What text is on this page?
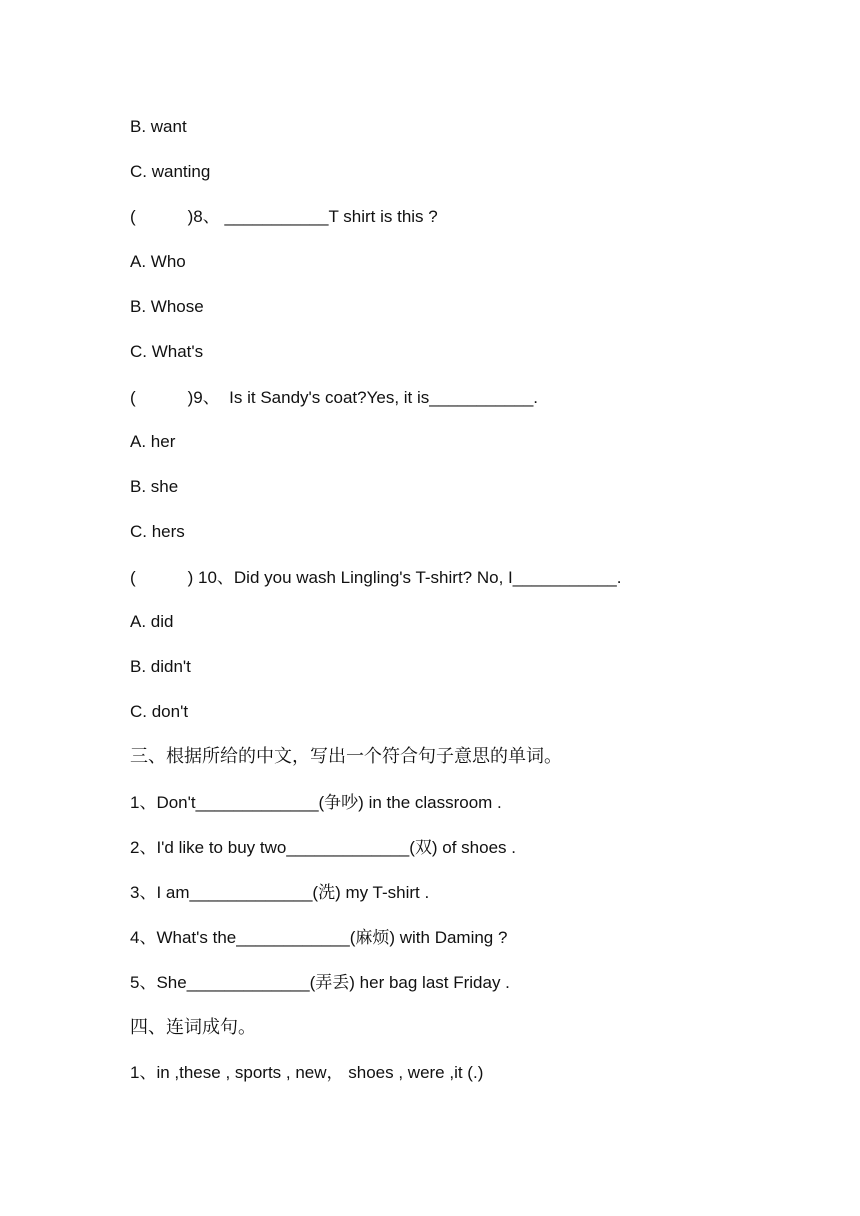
B. want
C. wanting
(           )8、 ___________T shirt is this ?
A. Who
B. Whose
C. What's
(           )9、  Is it Sandy's coat?Yes, it is___________.
A. her
B. she
C. hers
(           ) 10、Did you wash Lingling's T-shirt? No, I___________.
A. did
B. didn't
C. don't
三、根据所给的中文，写出一个符合句子意思的单词。
1、Don't_____________(争吵) in the classroom .
2、I'd like to buy two_____________(双) of shoes .
3、I am_____________(洗) my T-shirt .
4、What's the____________(麻烦) with Daming ?
5、She_____________(弄丢) her bag last Friday .
四、连词成句。
1、in ,these , sports , new， shoes , were ,it (.)
